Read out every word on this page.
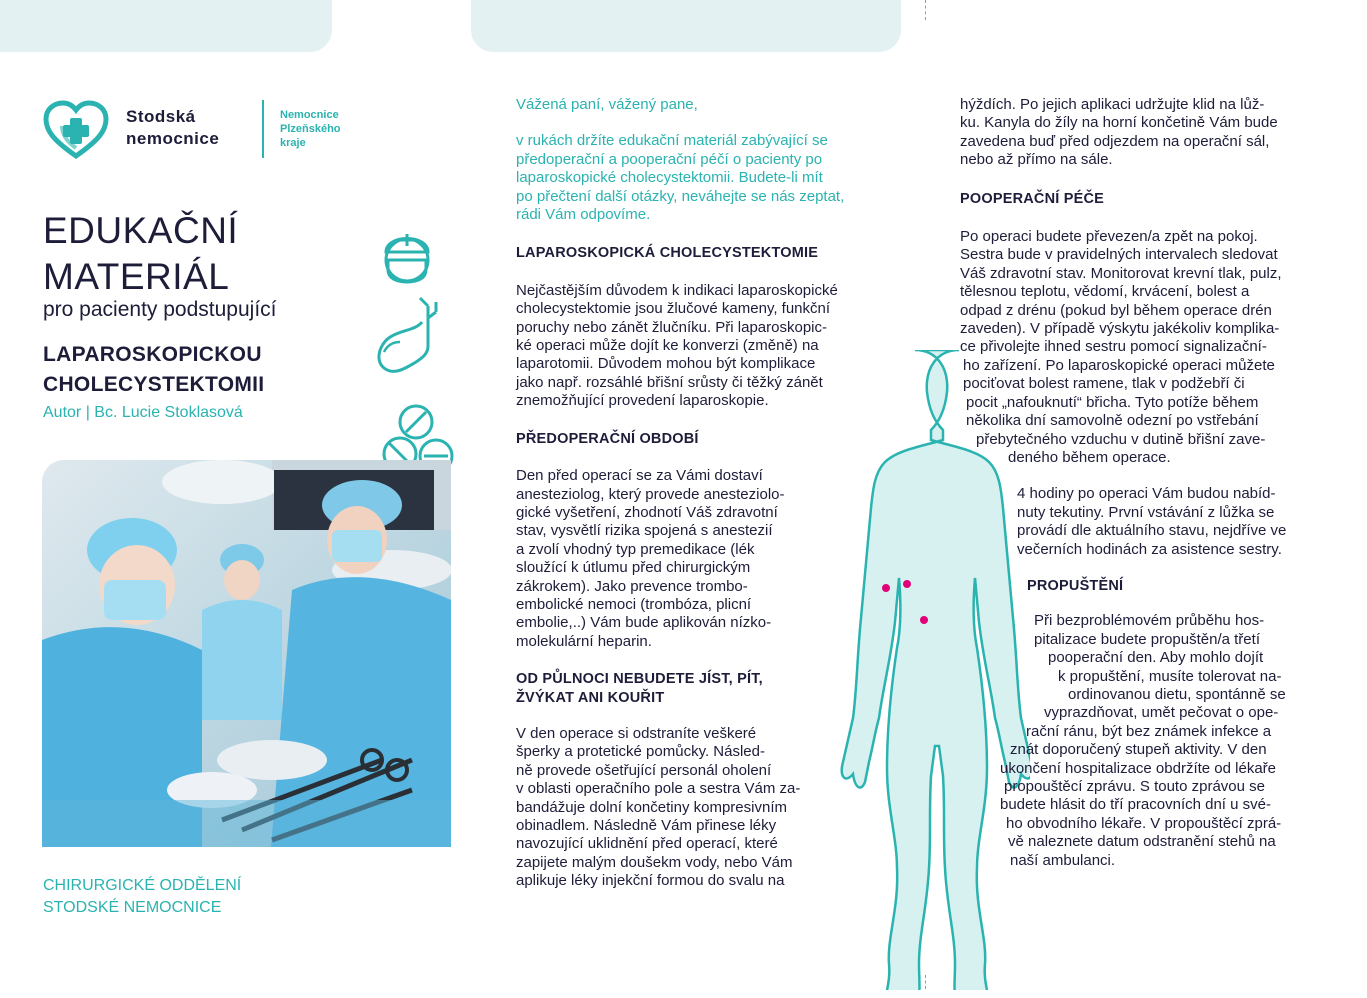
Stodská
nemocnice
Nemocnice
Plzeňského
kraje
EDUKAČNÍ
MATERIÁL
pro pacienty podstupující
LAPAROSKOPICKOU
CHOLECYSTEKTOMII
Autor | Bc. Lucie Stoklasová
CHIRURGICKÉ ODDĚLENÍ
STODSKÉ NEMOCNICE

Vážená paní, vážený pane,

v rukách držíte edukační materiál zabývající se

předoperační a pooperační péčí o pacienty po

laparoskopické cholecystektomii. Budete-li mít

po přečtení další otázky, neváhejte se nás zeptat,

rádi Vám odpovíme.

LAPAROSKOPICKÁ CHOLECYSTEKTOMIE

Nejčastějším důvodem k indikaci laparoskopické

cholecystektomie jsou žlučové kameny, funkční

poruchy nebo zánět žlučníku. Při laparoskopic-

ké operaci může dojít ke konverzi (změně) na

laparotomii. Důvodem mohou být komplikace

jako např. rozsáhlé břišní srůsty či těžký zánět

znemožňující provedení laparoskopie.

PŘEDOPERAČNÍ OBDOBÍ

Den před operací se za Vámi dostaví

anesteziolog, který provede anesteziolo-

gické vyšetření, zhodnotí Váš zdravotní

stav, vysvětlí rizika spojená s anestezií

a zvolí vhodný typ premedikace (lék

sloužící k útlumu před chirurgickým

zákrokem). Jako prevence trombo-

embolické nemoci (trombóza, plicní

embolie,..) Vám bude aplikován nízko-

molekulární heparin.

OD PŮLNOCI NEBUDETE JÍST, PÍT,

ŽVÝKAT ANI KOUŘIT

V den operace si odstraníte veškeré

šperky a protetické pomůcky. Násled-

ně provede ošetřující personál oholení

v oblasti operačního pole a sestra Vám za-

bandážuje dolní končetiny kompresivním

obinadlem. Následně Vám přinese léky

navozující uklidnění před operací, které

zapijete malým doušekm vody, nebo Vám

aplikuje léky injekční formou do svalu na

hýždích. Po jejich aplikaci udržujte klid na lůž-

ku. Kanyla do žíly na horní končetině Vám bude

zavedena buď před odjezdem na operační sál,

nebo až přímo na sále.

POOPERAČNÍ PÉČE

Po operaci budete převezen/a zpět na pokoj.

Sestra bude v pravidelných intervalech sledovat

Váš zdravotní stav. Monitorovat krevní tlak, pulz,

tělesnou teplotu, vědomí, krvácení, bolest a

odpad z drénu (pokud byl během operace drén

zaveden). V případě výskytu jakékoliv komplika-

ce přivolejte ihned sestru pomocí signalizační-

ho zařízení. Po laparoskopické operaci můžete

pociťovat bolest ramene, tlak v podžebří či

pocit „nafouknutí“ břicha. Tyto potíže během

několika dní samovolně odezní po vstřebání

přebytečného vzduchu v dutině břišní zave-

deného během operace.

4 hodiny po operaci Vám budou nabíd-

nuty tekutiny. První vstávání z lůžka se

provádí dle aktuálního stavu, nejdříve ve

večerních hodinách za asistence sestry.

PROPUŠTĚNÍ

Při bezproblémovém průběhu hos-

pitalizace budete propuštěn/a třetí

pooperační den. Aby mohlo dojít

k propuštění, musíte tolerovat na-

ordinovanou dietu, spontánně se

vyprazdňovat, umět pečovat o ope-

rační ránu, být bez známek infekce a

znát doporučený stupeň aktivity. V den

ukončení hospitalizace obdržíte od lékaře

propouštěcí zprávu. S touto zprávou se

budete hlásit do tří pracovních dní u své-

ho obvodního lékaře. V propouštěcí zprá-

vě naleznete datum odstranění stehů na

naší ambulanci.
